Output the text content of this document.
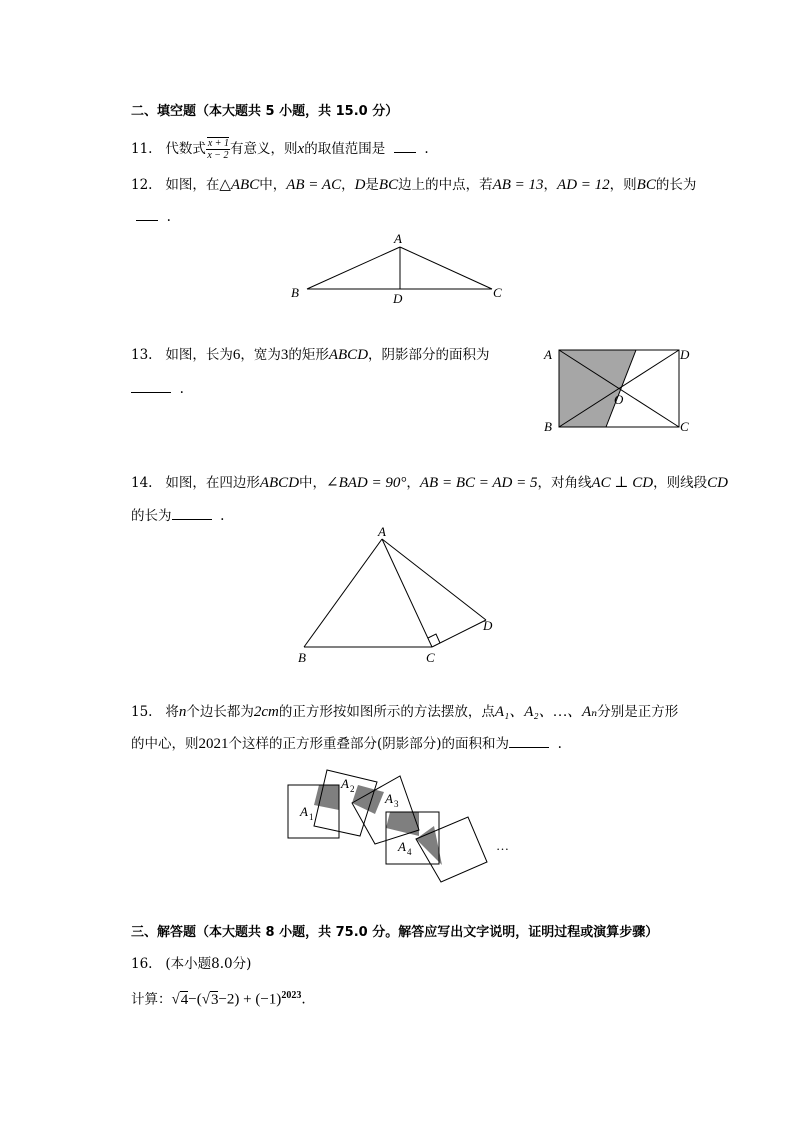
二、填空题（本大题共 5 小题，共 15.0 分）
11. 代数式 $\frac{x + 1}{x - 2}$ 有意义，则x的取值范围是	.
12. 如图，在△ABC中，AB = AC，D是BC边上的中点，若AB = 13，AD = 12，则BC的长为
.
A
B	C
D
13. 如图，长为6，宽为3的矩形ABCD，阴影部分的面积为
.
A	D
B	C
O
14. 如图，在四边形ABCD中，∠BAD = 90°，AB = BC = AD = 5，对角线AC ⊥ CD，则线段CD
的长为	.
A
B	C
D
15. 将n个边长都为2cm的正方形按如图所示的方法摆放，点A₁、A₂、…、Aₙ分别是正方形
的中心，则2021个这样的正方形重叠部分(阴影部分)的面积和为	.
A 1
A 2
A 3
A 4	…
三、解答题（本大题共 8 小题，共 75.0 分。解答应写出文字说明，证明过程或演算步骤）
16. (本小题8.0分)
计算：$√4-(√3-2) + (-1)^{2023}$.
